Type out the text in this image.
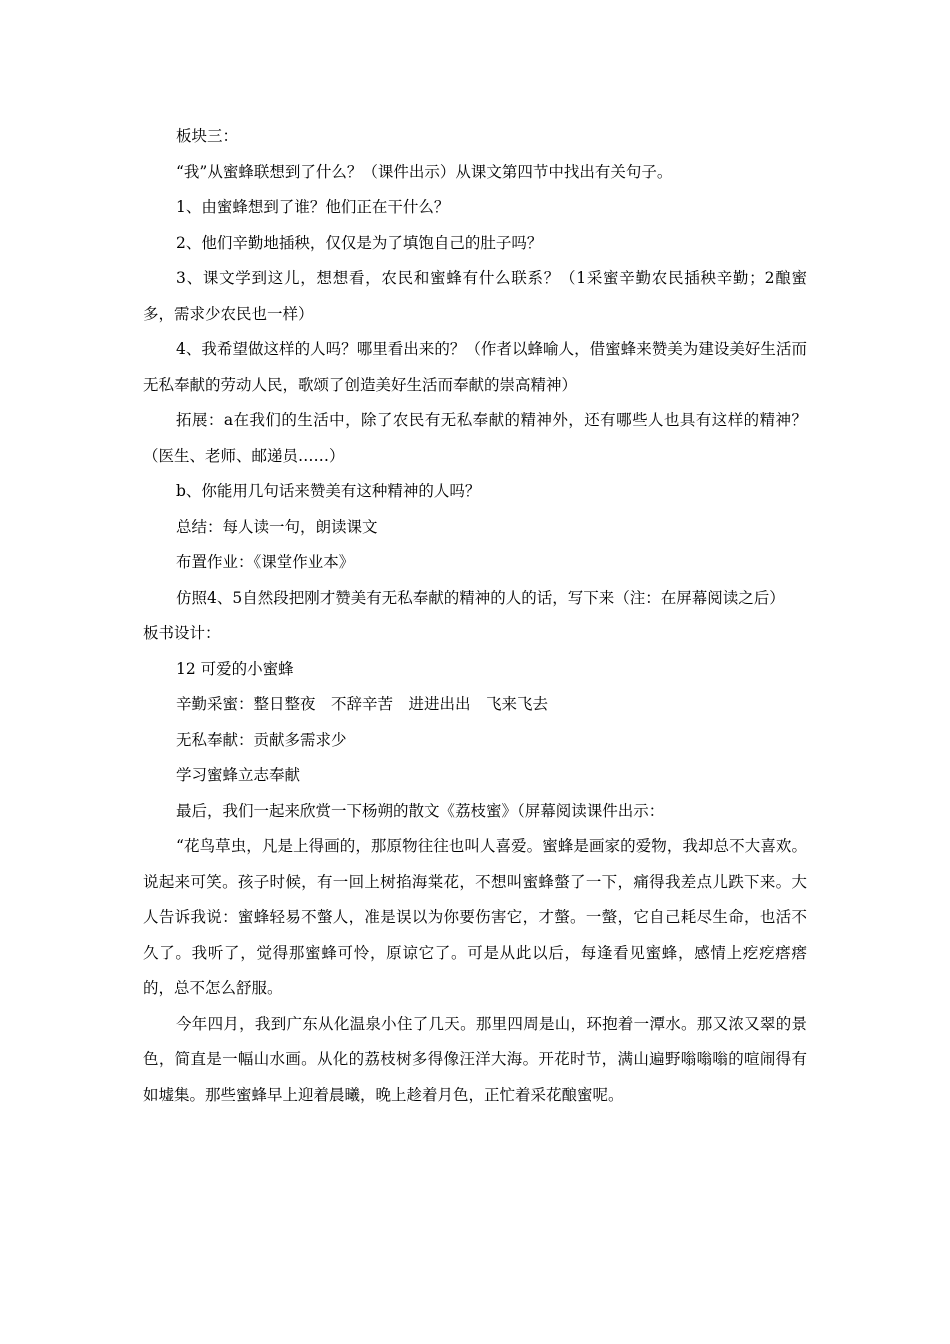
板块三：

“我”从蜜蜂联想到了什么？（课件出示）从课文第四节中找出有关句子。

1、由蜜蜂想到了谁？他们正在干什么？

2、他们辛勤地插秧，仅仅是为了填饱自己的肚子吗？

3、课文学到这儿，想想看，农民和蜜蜂有什么联系？（1采蜜辛勤农民插秧辛勤；2酿蜜多，需求少农民也一样）

4、我希望做这样的人吗？哪里看出来的？（作者以蜂喻人，借蜜蜂来赞美为建设美好生活而无私奉献的劳动人民，歌颂了创造美好生活而奉献的崇高精神）

拓展：a在我们的生活中，除了农民有无私奉献的精神外，还有哪些人也具有这样的精神？（医生、老师、邮递员……）

b、你能用几句话来赞美有这种精神的人吗？

总结：每人读一句，朗读课文

布置作业：《课堂作业本》

仿照4、5自然段把刚才赞美有无私奉献的精神的人的话，写下来（注：在屏幕阅读之后）

板书设计：

12 可爱的小蜜蜂

辛勤采蜜：整日整夜　不辞辛苦　进进出出　飞来飞去

无私奉献：贡献多需求少

学习蜜蜂立志奉献

最后，我们一起来欣赏一下杨朔的散文《荔枝蜜》（屏幕阅读课件出示：

“花鸟草虫，凡是上得画的，那原物往往也叫人喜爱。蜜蜂是画家的爱物，我却总不大喜欢。说起来可笑。孩子时候，有一回上树掐海棠花，不想叫蜜蜂螫了一下，痛得我差点儿跌下来。大人告诉我说：蜜蜂轻易不螫人，准是误以为你要伤害它，才螫。一螫，它自己耗尽生命，也活不久了。我听了，觉得那蜜蜂可怜，原谅它了。可是从此以后，每逢看见蜜蜂，感情上疙疙瘩瘩的，总不怎么舒服。

今年四月，我到广东从化温泉小住了几天。那里四周是山，环抱着一潭水。那又浓又翠的景色，简直是一幅山水画。从化的荔枝树多得像汪洋大海。开花时节，满山遍野嗡嗡嗡的喧闹得有如墟集。那些蜜蜂早上迎着晨曦，晚上趁着月色，正忙着采花酿蜜呢。
